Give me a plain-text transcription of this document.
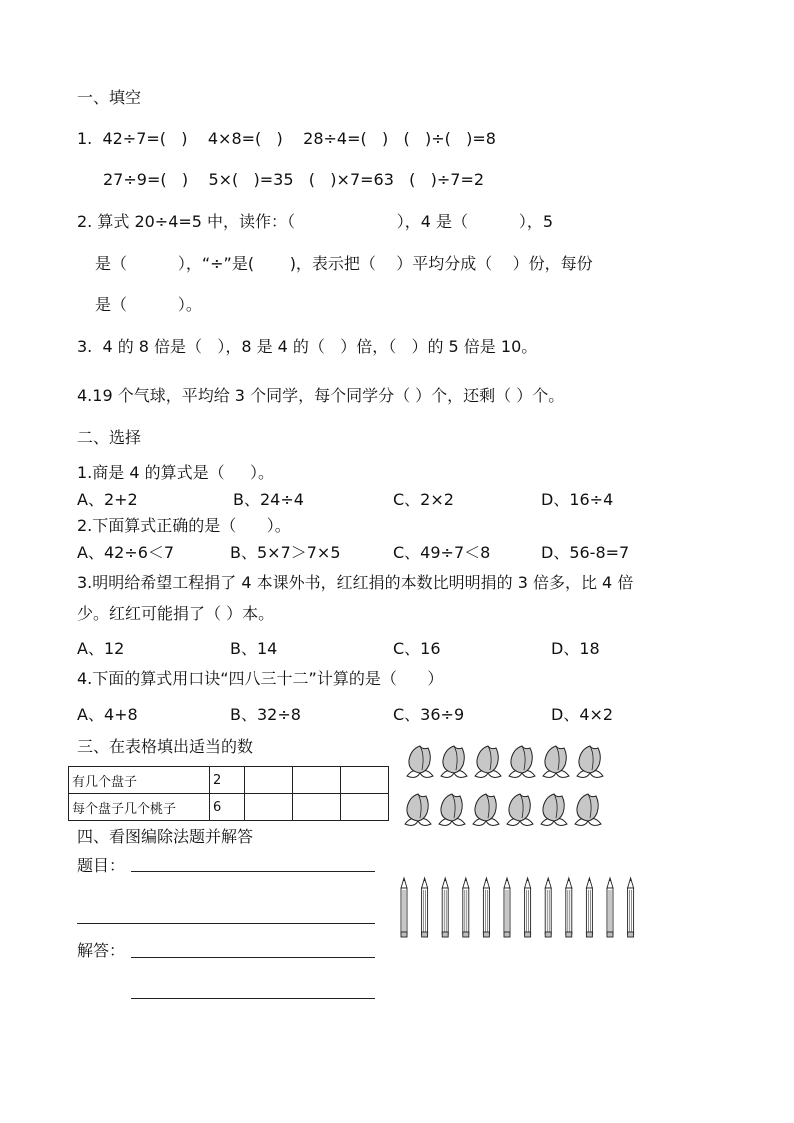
一、填空
1.  42÷7=(   )    4×8=(   )    28÷4=(   )   (   )÷(   )=8
27÷9=(   )    5×(   )=35   (   )×7=63   (   )÷7=2
2. 算式 20÷4=5 中，读作：（                    ），4 是（          ），5
是（          ），“÷”是(       )，表示把（    ）平均分成（    ）份，每份
是（          ）。
3.  4 的 8 倍是（   ），8 是 4 的（   ）倍，（   ）的 5 倍是 10。
4.19 个气球，平均给 3 个同学，每个同学分（ ）个，还剩（ ）个。
二、选择
1.商是 4 的算式是（     ）。
A、2+2	B、24÷4	C、2×2	D、16÷4
2.下面算式正确的是（      ）。
A、42÷6＜7	B、5×7＞7×5	C、49÷7＜8	D、56-8=7
3.明明给希望工程捐了 4 本课外书，红红捐的本数比明明捐的 3 倍多，比 4 倍
少。红红可能捐了（ ）本。
A、12	B、14	C、16	D、18
4.下面的算式用口诀“四八三十二”计算的是（      ）
A、4+8	B、32÷8	C、36÷9	D、4×2
三、在表格填出适当的数
有几个盘子	2			
每个盘子几个桃子	6			
四、看图编除法题并解答
题目：
解答：
